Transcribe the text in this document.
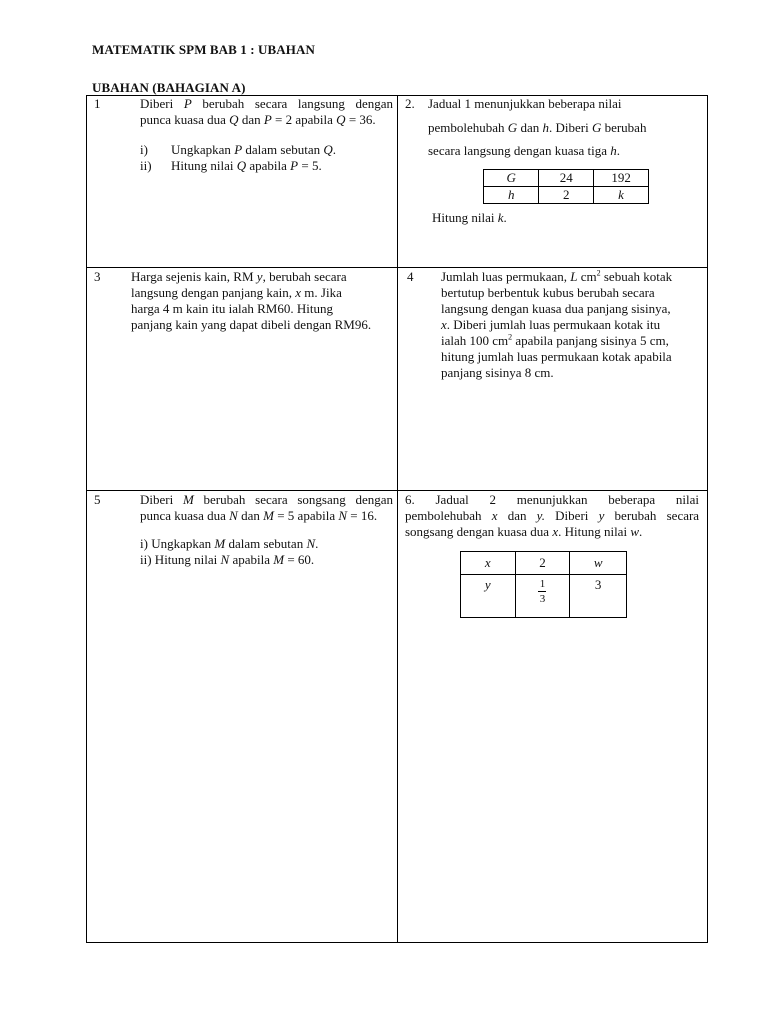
MATEMATIK SPM BAB 1 : UBAHAN
UBAHAN (BAHAGIAN A)
1	Diberi P berubah secara langsung dengan
punca kuasa dua Q dan P = 2 apabila Q = 36.
i) Ungkapkan P dalam sebutan Q.
ii) Hitung nilai Q apabila P = 5.
2. Jadual 1 menunjukkan beberapa nilai
pembolehubah G dan h. Diberi G berubah
secara langsung dengan kuasa tiga h.
G	24	192
h	2	k
Hitung nilai k.
3 Harga sejenis kain, RM y, berubah secara
langsung dengan panjang kain, x m. Jika
harga 4 m kain itu ialah RM60. Hitung
panjang kain yang dapat dibeli dengan RM96.
4 Jumlah luas permukaan, L $cm^2$ sebuah kotak
bertutup berbentuk kubus berubah secara
langsung dengan kuasa dua panjang sisinya,
x. Diberi jumlah luas permukaan kotak itu
ialah 100 $cm^2$ apabila panjang sisinya 5 cm,
hitung jumlah luas permukaan kotak apabila
panjang sisinya 8 cm.
5	Diberi M berubah secara songsang dengan
punca kuasa dua N dan M = 5 apabila N = 16.
i) Ungkapkan M dalam sebutan N.
ii) Hitung nilai N apabila M = 60.
6. Jadual 2 menunjukkan beberapa nilai
pembolehubah x dan y. Diberi y berubah secara
songsang dengan kuasa dua x. Hitung nilai w.
x	2	w
y	$\frac{1}{3}$	3
